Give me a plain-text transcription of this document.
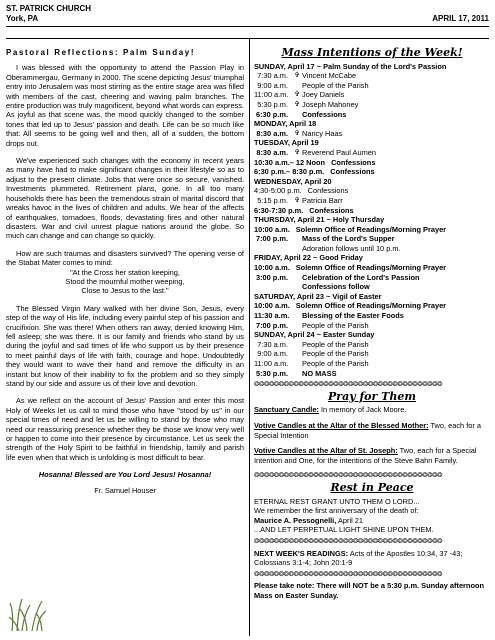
ST. PATRICK CHURCH
York, PA	APRIL 17, 2011

Pastoral Reflections: Palm Sunday!

I was blessed with the opportunity to attend the Passion Play in Oberammergau, Germany in 2000. The scene depicting Jesus' triumphal entry into Jerusalem was most stirring as the entire stage area was filled with members of the cast, cheering and waving palm branches. The entire production was truly magnificent, beyond what words can express. As joyful as that scene was, the mood quickly changed to the somber tones that led up to Jesus' passion and death. Life can be so much like that: All seems to be going well and then, all of a sudden, the bottom drops out.

We've experienced such changes with the economy in recent years as many have had to make significant changes in their lifestyle so as to adjust to the present climate. Jobs that were once so secure, vanished. Investments plummeted. Retirement plans, gone. In all too many households there has been the tremendous strain of marital discord that wreaks havoc in the lives of children and adults. We hear of the affects of earthquakes, tornadoes, floods, devastating fires and other natural disasters. War and civil unrest plague nations around the globe. So much can change and can change so quickly.

How are such traumas and disasters survived? The opening verse of the Stabat Mater comes to mind:

"At the Cross her station keeping,
Stood the mournful mother weeping,
Close to Jesus to the last."

The Blessed Virgin Mary walked with her divine Son, Jesus, every step of the way of His life, including every painful step of his passion and crucifixion. She was there! When others ran away, denied knowing Him, fell asleep; she was there. It is our family and friends who stand by us during the joyful and sad times of life who support us by their presence to meet painful days of life with faith, courage and hope. Undoubtedly they would want to wave their hand and remove the difficulty in an instant but know of their inability to fix the problem and so they simply stand by our side and assure us of their love and devotion.

As we reflect on the account of Jesus' Passion and enter this most Holy of Weeks let us call to mind those who have "stood by us" in our special times of need and let us be willing to stand by those who may need our reassuring presence whether they be those we know very well or happen to come into their presence by circumstance. Let us seek the strength of the Holy Spirit to be faithful in friendship, family and parish life even when that which is unfolding is most difficult to bear.

Hosanna! Blessed are You Lord Jesus! Hosanna!

Fr. Samuel Houser

Mass Intentions of the Week!
SUNDAY, April 17 ~ Palm Sunday of the Lord's Passion
7:30 a.m. ✞ Vincent McCabe
9:00 a.m.	People of the Parish
11:00 a.m. ✞ Joey Daniels
5:30 p.m. ✞ Joseph Mahoney
6:30 p.m.	Confessions
MONDAY, April 18
8:30 a.m. ✞ Nancy Haas
TUESDAY, April 19
8:30 a.m. ✞ Reverend Paul Aumen
10:30 a.m.– 12 Noon Confessions
6:30 p.m.– 8:30 p.m. Confessions
WEDNESDAY, April 20
4:30-5:00 p.m. Confessions
5:15 p.m. ✞ Patricia Barr
6:30-7:30 p.m. Confessions
THURSDAY, April 21 ~ Holy Thursday
10:00 a.m. Solemn Office of Readings/Morning Prayer
7:00 p.m.	Mass of the Lord's Supper
Adoration follows until 10 p.m.
FRIDAY, April 22 ~ Good Friday
10:00 a.m. Solemn Office of Readings/Morning Prayer
3:00 p.m.	Celebration of the Lord's Passion
Confessions follow
SATURDAY, April 23 ~ Vigil of Easter
10:00 a.m. Solemn Office of Readings/Morning Prayer
11:30 a.m.	Blessing of the Easter Foods
7:00 p.m.	People of the Parish
SUNDAY, April 24 ~ Easter Sunday
7:30 a.m.	People of the Parish
9:00 a.m.	People of the Parish
11:00 a.m.	People of the Parish
5:30 p.m.	NO MASS
❂❂❂❂❂❂❂❂❂❂❂❂❂❂❂❂❂❂❂❂❂❂❂❂❂❂❂❂❂❂❂❂❂❂❂❂❂❂
Pray for Them
Sanctuary Candle: In memory of Jack Moore.
Votive Candles at the Altar of the Blessed Mother: Two, each for a Special Intention
Votive Candles at the Altar of St. Joseph: Two, each for a Special Intention and One, for the intentions of the Steve Bahn Family.
❂❂❂❂❂❂❂❂❂❂❂❂❂❂❂❂❂❂❂❂❂❂❂❂❂❂❂❂❂❂❂❂❂❂❂❂❂❂
Rest in Peace
ETERNAL REST GRANT UNTO THEM O LORD...
We remember the first anniversary of the death of:
Maurice A. Pessognelli, April 21
...AND LET PERPETUAL LIGHT SHINE UPON THEM.
❂❂❂❂❂❂❂❂❂❂❂❂❂❂❂❂❂❂❂❂❂❂❂❂❂❂❂❂❂❂❂❂❂❂❂❂❂❂
NEXT WEEK'S READINGS: Acts of the Apostles 10:34, 37 -43; Colossians 3:1-4; John 20:1-9
❂❂❂❂❂❂❂❂❂❂❂❂❂❂❂❂❂❂❂❂❂❂❂❂❂❂❂❂❂❂❂❂❂❂❂❂❂❂
Please take note: There will NOT be a 5:30 p.m. Sunday afternoon Mass on Easter Sunday.
